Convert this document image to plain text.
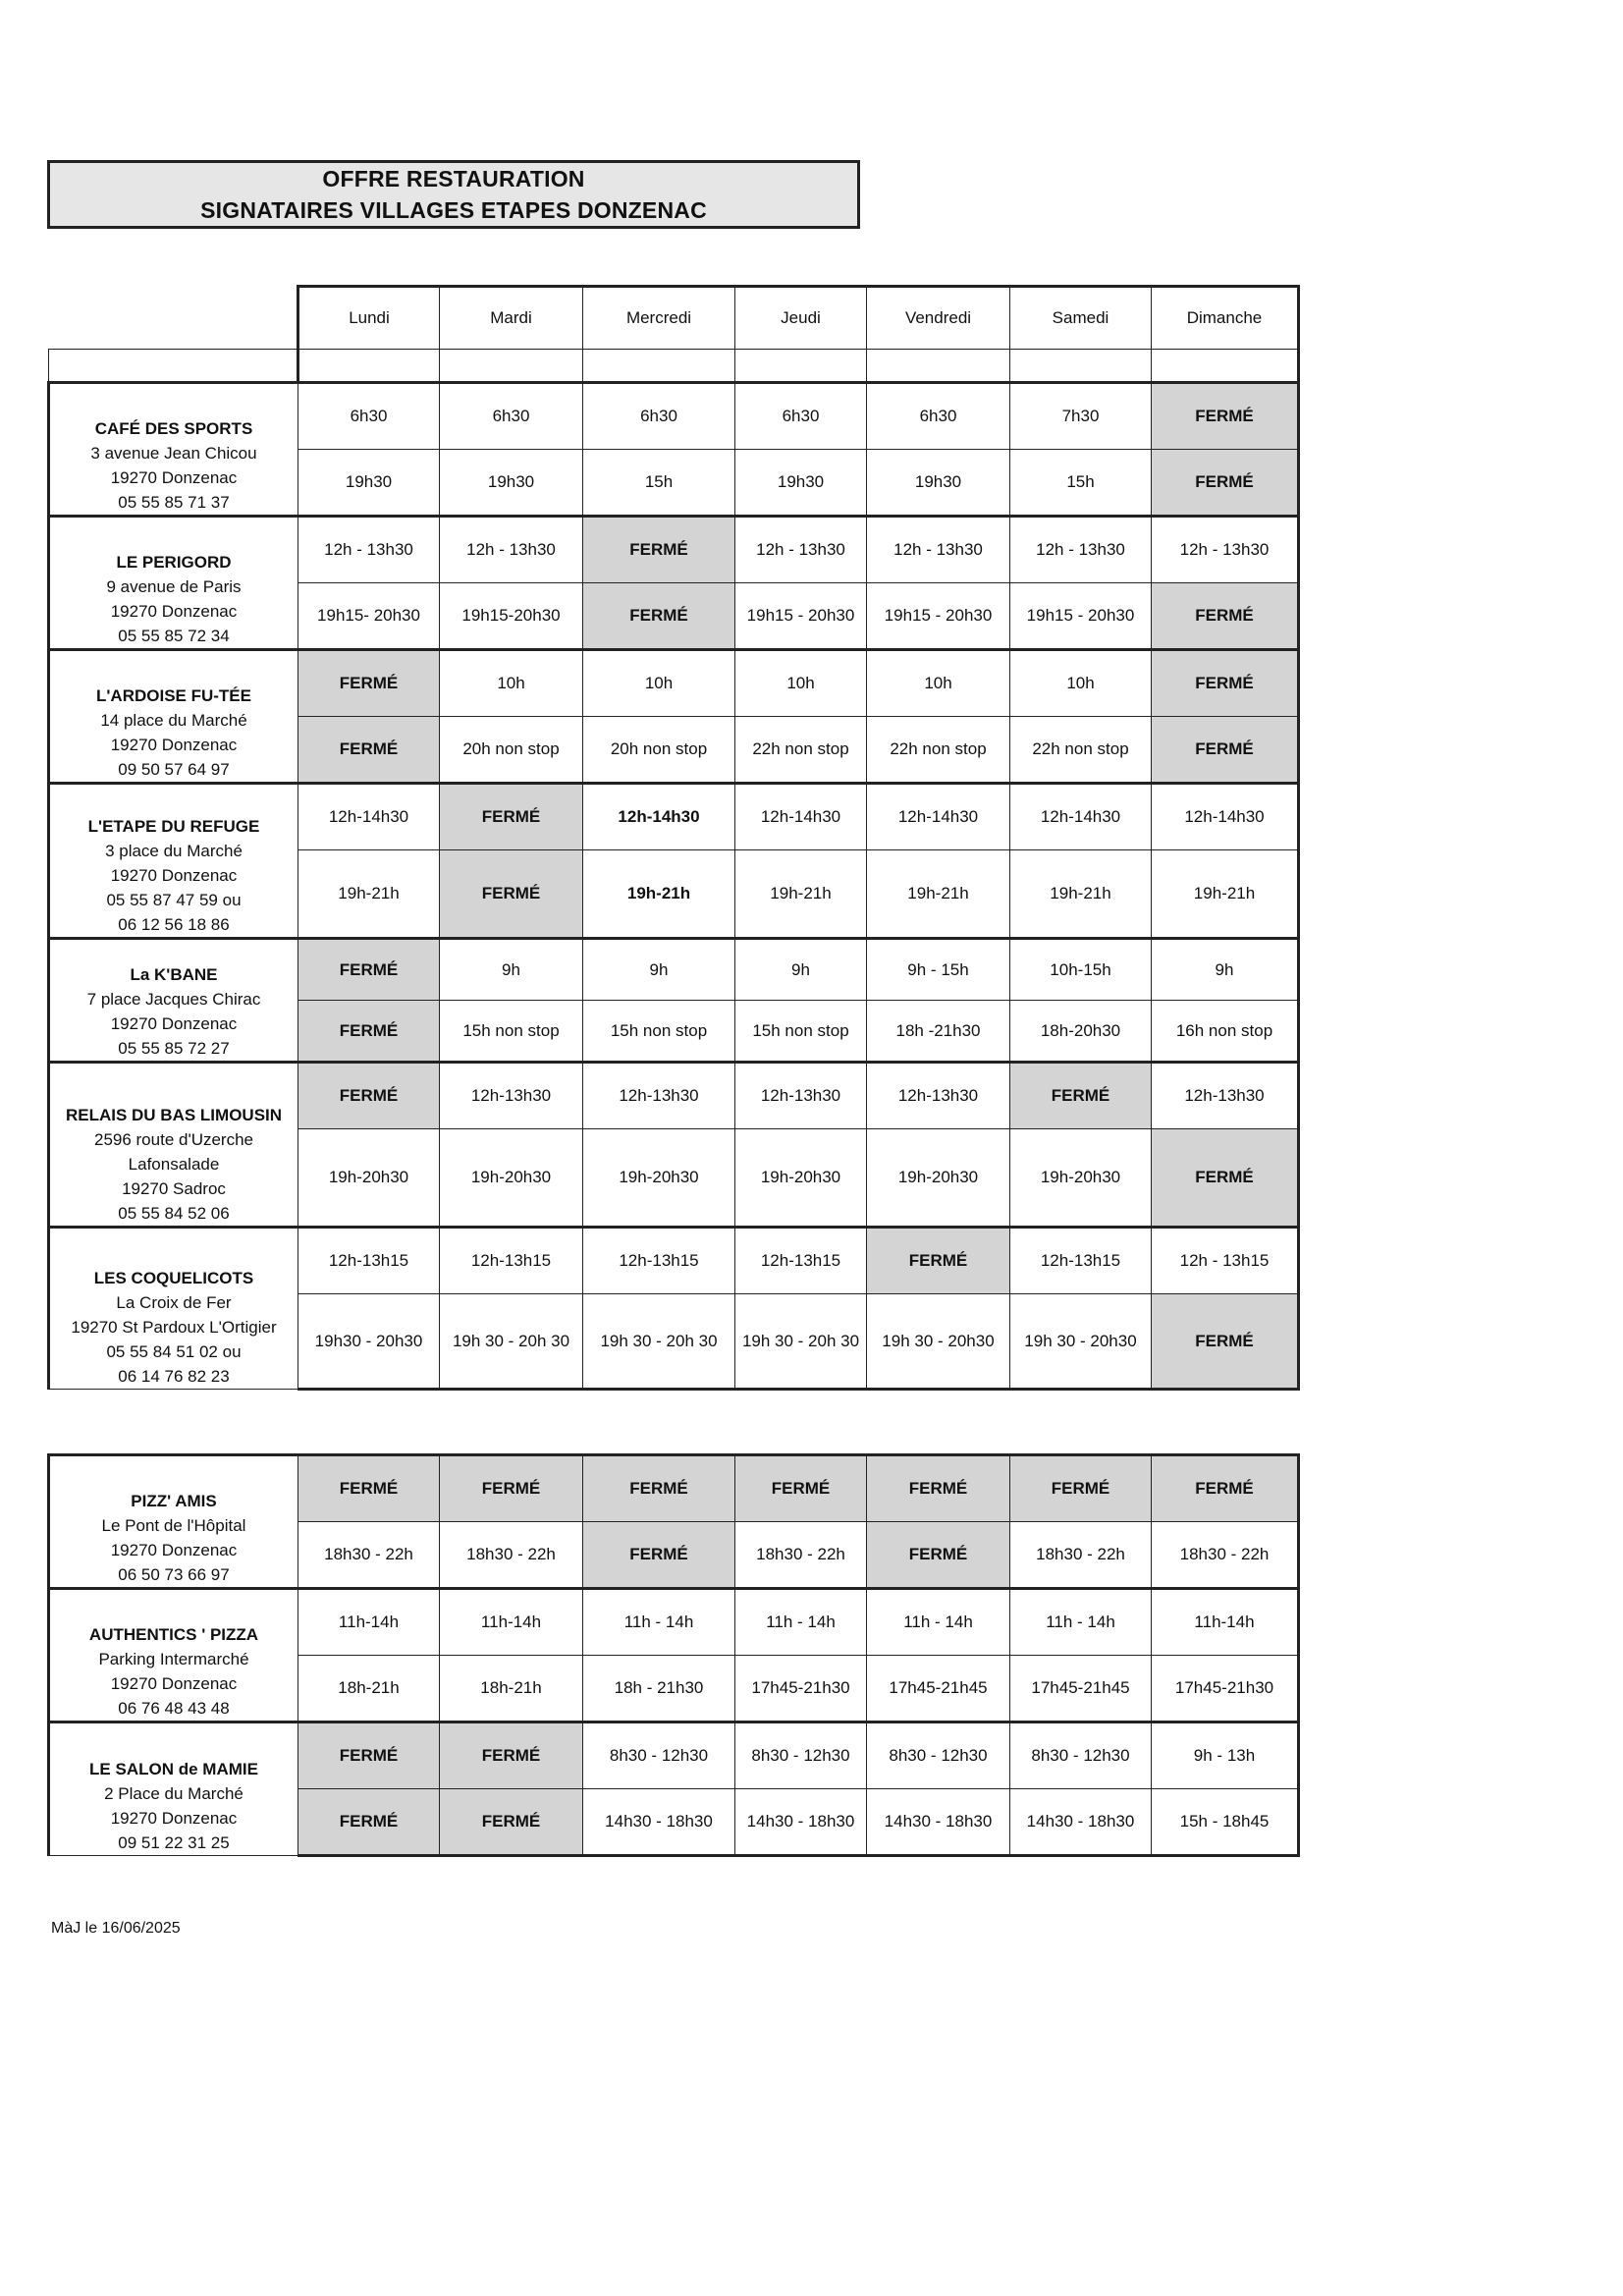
OFFRE RESTAURATION
SIGNATAIRES VILLAGES ETAPES DONZENAC
	Lundi	Mardi	Mercredi	Jeudi	Vendredi	Samedi	Dimanche

CAFÉ DES SPORTS
3 avenue Jean Chicou
19270 Donzenac
05 55 85 71 37	6h30	6h30	6h30	6h30	6h30	7h30	FERMÉ
	19h30	19h30	15h	19h30	19h30	15h	FERMÉ

LE PERIGORD
9 avenue de Paris
19270 Donzenac
05 55 85 72 34	12h - 13h30	12h - 13h30	FERMÉ	12h - 13h30	12h - 13h30	12h - 13h30	12h - 13h30
	19h15- 20h30	19h15-20h30	FERMÉ	19h15 - 20h30	19h15 - 20h30	19h15 - 20h30	FERMÉ

L'ARDOISE FU-TÉE
14 place du Marché
19270 Donzenac
09 50 57 64 97	FERMÉ	10h	10h	10h	10h	10h	FERMÉ
	FERMÉ	20h non stop	20h non stop	22h non stop	22h non stop	22h non stop	FERMÉ

L'ETAPE DU REFUGE
3 place du Marché
19270 Donzenac
05 55 87 47 59 ou
06 12 56 18 86	12h-14h30	FERMÉ	12h-14h30	12h-14h30	12h-14h30	12h-14h30	12h-14h30
	19h-21h	FERMÉ	19h-21h	19h-21h	19h-21h	19h-21h	19h-21h

La K'BANE
7 place Jacques Chirac
19270 Donzenac
05 55 85 72 27	FERMÉ	9h	9h	9h	9h - 15h	10h-15h	9h
	FERMÉ	15h non stop	15h non stop	15h non stop	18h -21h30	18h-20h30	16h non stop

RELAIS DU BAS LIMOUSIN
2596 route d'Uzerche
Lafonsalade
19270 Sadroc
05 55 84 52 06	FERMÉ	12h-13h30	12h-13h30	12h-13h30	12h-13h30	FERMÉ	12h-13h30
	19h-20h30	19h-20h30	19h-20h30	19h-20h30	19h-20h30	19h-20h30	FERMÉ

LES COQUELICOTS
La Croix de Fer
19270 St Pardoux L'Ortigier
05 55 84 51 02 ou
06 14 76 82 23	12h-13h15	12h-13h15	12h-13h15	12h-13h15	FERMÉ	12h-13h15	12h - 13h15
	19h30 - 20h30	19h 30 - 20h 30	19h 30 - 20h 30	19h 30 - 20h 30	19h 30 - 20h30	19h 30 - 20h30	FERMÉ
PIZZ' AMIS
Le Pont de l'Hôpital
19270 Donzenac
06 50 73 66 97	FERMÉ	FERMÉ	FERMÉ	FERMÉ	FERMÉ	FERMÉ	FERMÉ
	18h30 - 22h	18h30 - 22h	FERMÉ	18h30 - 22h	FERMÉ	18h30 - 22h	18h30 - 22h

AUTHENTICS ' PIZZA
Parking Intermarché
19270 Donzenac
06 76 48 43 48	11h-14h	11h-14h	11h - 14h	11h - 14h	11h - 14h	11h - 14h	11h-14h
	18h-21h	18h-21h	18h - 21h30	17h45-21h30	17h45-21h45	17h45-21h45	17h45-21h30

LE SALON de MAMIE
2 Place du Marché
19270 Donzenac
09 51 22 31 25	FERMÉ	FERMÉ	8h30 - 12h30	8h30 - 12h30	8h30 - 12h30	8h30 - 12h30	9h - 13h
	FERMÉ	FERMÉ	14h30 - 18h30	14h30 - 18h30	14h30 - 18h30	14h30 - 18h30	15h - 18h45
MàJ le 16/06/2025
